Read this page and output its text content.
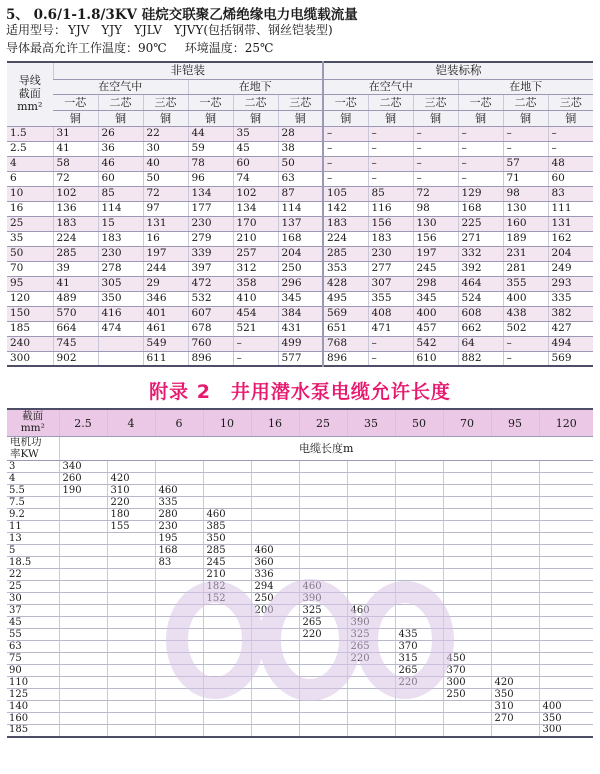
5、 0.6/1-1.8/3KV 硅烷交联聚乙烯绝缘电力电缆载流量
适用型号： YJV YJY YJLV YJVY(包括钢带、钢丝铠装型)
导体最高允许工作温度：90℃ 环境温度：25℃
导线
截面
mm²	非铠装						铠装标称					
	在空气中			在地下			在空气中			在地下		
	一芯	二芯	三芯	一芯	二芯	三芯	一芯	二芯	三芯	一芯	二芯	三芯
	铜	铜	铜	铜	铜	铜	铜	铜	铜	铜	铜	铜
1.5	31	26	22	44	35	28	–	–	–	–	–	–
2.5	41	36	30	59	45	38	–	–	–	–	–	–
4	58	46	40	78	60	50	–	–	–	–	57	48
6	72	60	50	96	74	63	–	–	–	–	71	60
10	102	85	72	134	102	87	105	85	72	129	98	83
16	136	114	97	177	134	114	142	116	98	168	130	111
25	183	15	131	230	170	137	183	156	130	225	160	131
35	224	183	16	279	210	168	224	183	156	271	189	162
50	285	230	197	339	257	204	285	230	197	332	231	204
70	39	278	244	397	312	250	353	277	245	392	281	249
95	41	305	29	472	358	296	428	307	298	464	355	293
120	489	350	346	532	410	345	495	355	345	524	400	335
150	570	416	401	607	454	384	569	408	400	608	438	382
185	664	474	461	678	521	431	651	471	457	662	502	427
240	745		549	760	–	499	768	–	542	64	–	494
300	902		611	896	–	577	896	–	610	882	–	569
附录 2　井用潜水泵电缆允许长度
截面
mm²	2.5	4	6	10	16	25	35	50	70	95	120

电机功
率KW	电缆长度m										
3	340										
4	260	420									
5.5	190	310	460								
7.5		220	335								
9.2		180	280	460							
11		155	230	385							
13			195	350							
5			168	285	460						
18.5			83	245	360						
22				210	336						
25				182	294	460					
30				152	250	390					
37					200	325	460				
45						265	390				
55						220	325	435			
63							265	370			
75							220	315	450		
90								265	370		
110								220	300	420	
125									250	350	
140										310	400
160										270	350
185											300
